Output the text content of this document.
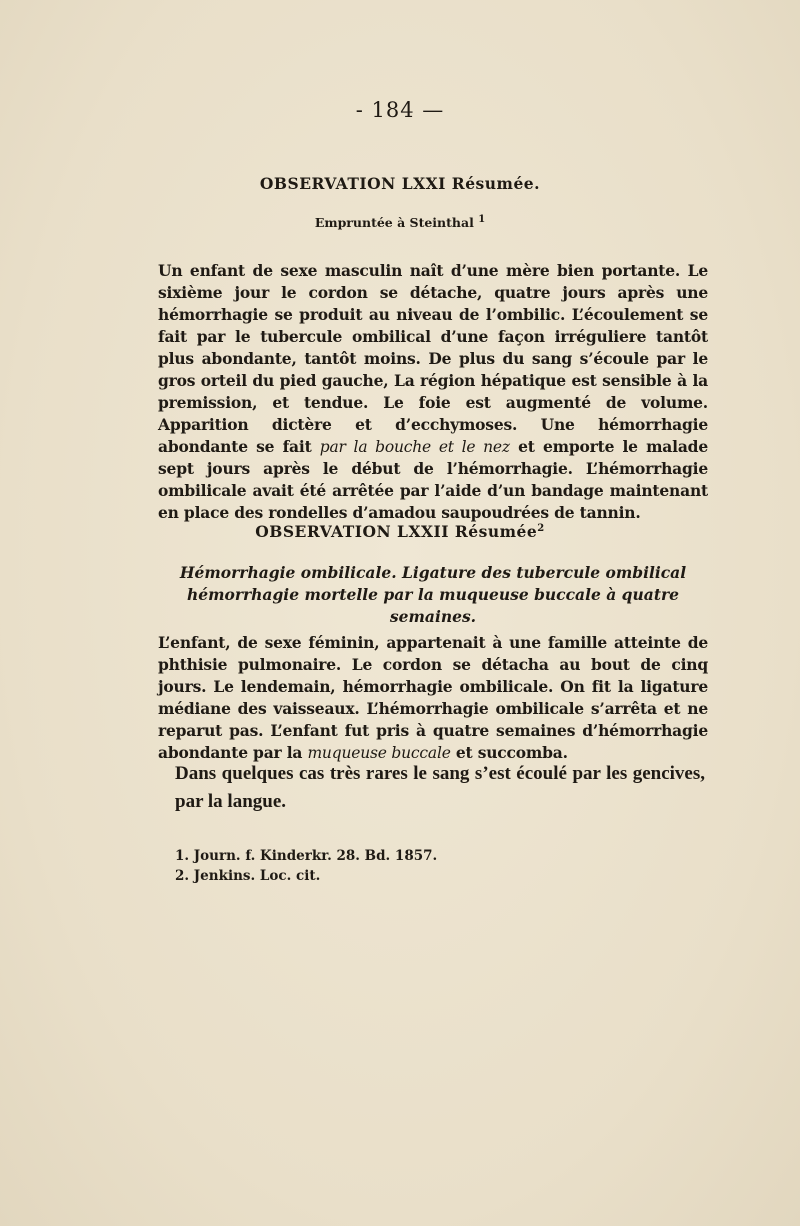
- 184 —
OBSERVATION LXXI Résumée.
Empruntée à Steinthal $^1$
Un enfant de sexe masculin naît d’une mère bien portante. Le sixième jour le cordon se détache, quatre jours après une hémorrhagie se produit au niveau de l’ombilic. L’écoulement se fait par le tubercule ombilical d’une façon irréguliere tantôt plus abondante, tantôt moins. De plus du sang s’écoule par le gros orteil du pied gauche, La région hépatique est sensible à la premission, et tendue. Le foie est augmenté de volume. Apparition dictère et d’ecchymoses. Une hémorrhagie abondante se fait par la bouche et le nez et emporte le malade sept jours après le début de l’hémorrhagie. L’hémorrhagie ombilicale avait été arrêtée par l’aide d’un bandage maintenant en place des rondelles d’amadou saupoudrées de tannin.
OBSERVATION LXXII Résumée$^2$
Hémorrhagie ombilicale. Ligature des tubercule ombilical hémorrhagie mortelle par la muqueuse buccale à quatre semaines.
L’enfant, de sexe féminin, appartenait à une famille atteinte de phthisie pulmonaire. Le cordon se détacha au bout de cinq jours. Le lendemain, hémorrhagie ombilicale. On fit la ligature médiane des vaisseaux. L’hémorrhagie ombilicale s’arrêta et ne reparut pas. L’enfant fut pris à quatre semaines d’hémorrhagie abondante par la muqueuse buccale et succomba.
Dans quelques cas très rares le sang s’est écoulé par les gencives, par la langue.
1. Journ. f. Kinderkr. 28. Bd. 1857.
2. Jenkins. Loc. cit.
